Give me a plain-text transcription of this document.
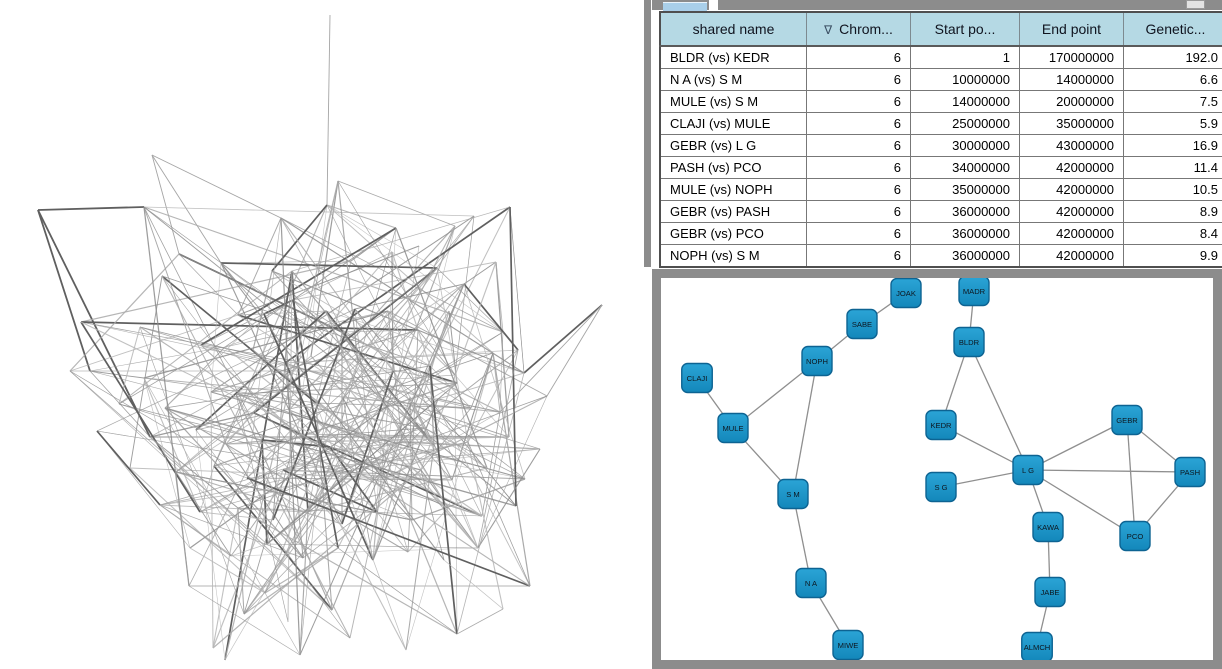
shared name	∇ Chrom...	Start po...	End point	Genetic...
BLDR (vs) KEDR	6	1	170000000	192.0
N A (vs) S M	6	10000000	14000000	6.6
MULE (vs) S M	6	14000000	20000000	7.5
CLAJI (vs) MULE	6	25000000	35000000	5.9
GEBR (vs) L G	6	30000000	43000000	16.9
PASH (vs) PCO	6	34000000	42000000	11.4
MULE (vs) NOPH	6	35000000	42000000	10.5
GEBR (vs) PASH	6	36000000	42000000	8.9
GEBR (vs) PCO	6	36000000	42000000	8.4
NOPH (vs) S M	6	36000000	42000000	9.9
JOAK	MADR
SABE
BLDR
NOPH
CLAJI
MULE	KEDR
GEBR
L G
S G
PASH
KAWA
PCO
S M
N A
JABE
MIWE	ALMCH
